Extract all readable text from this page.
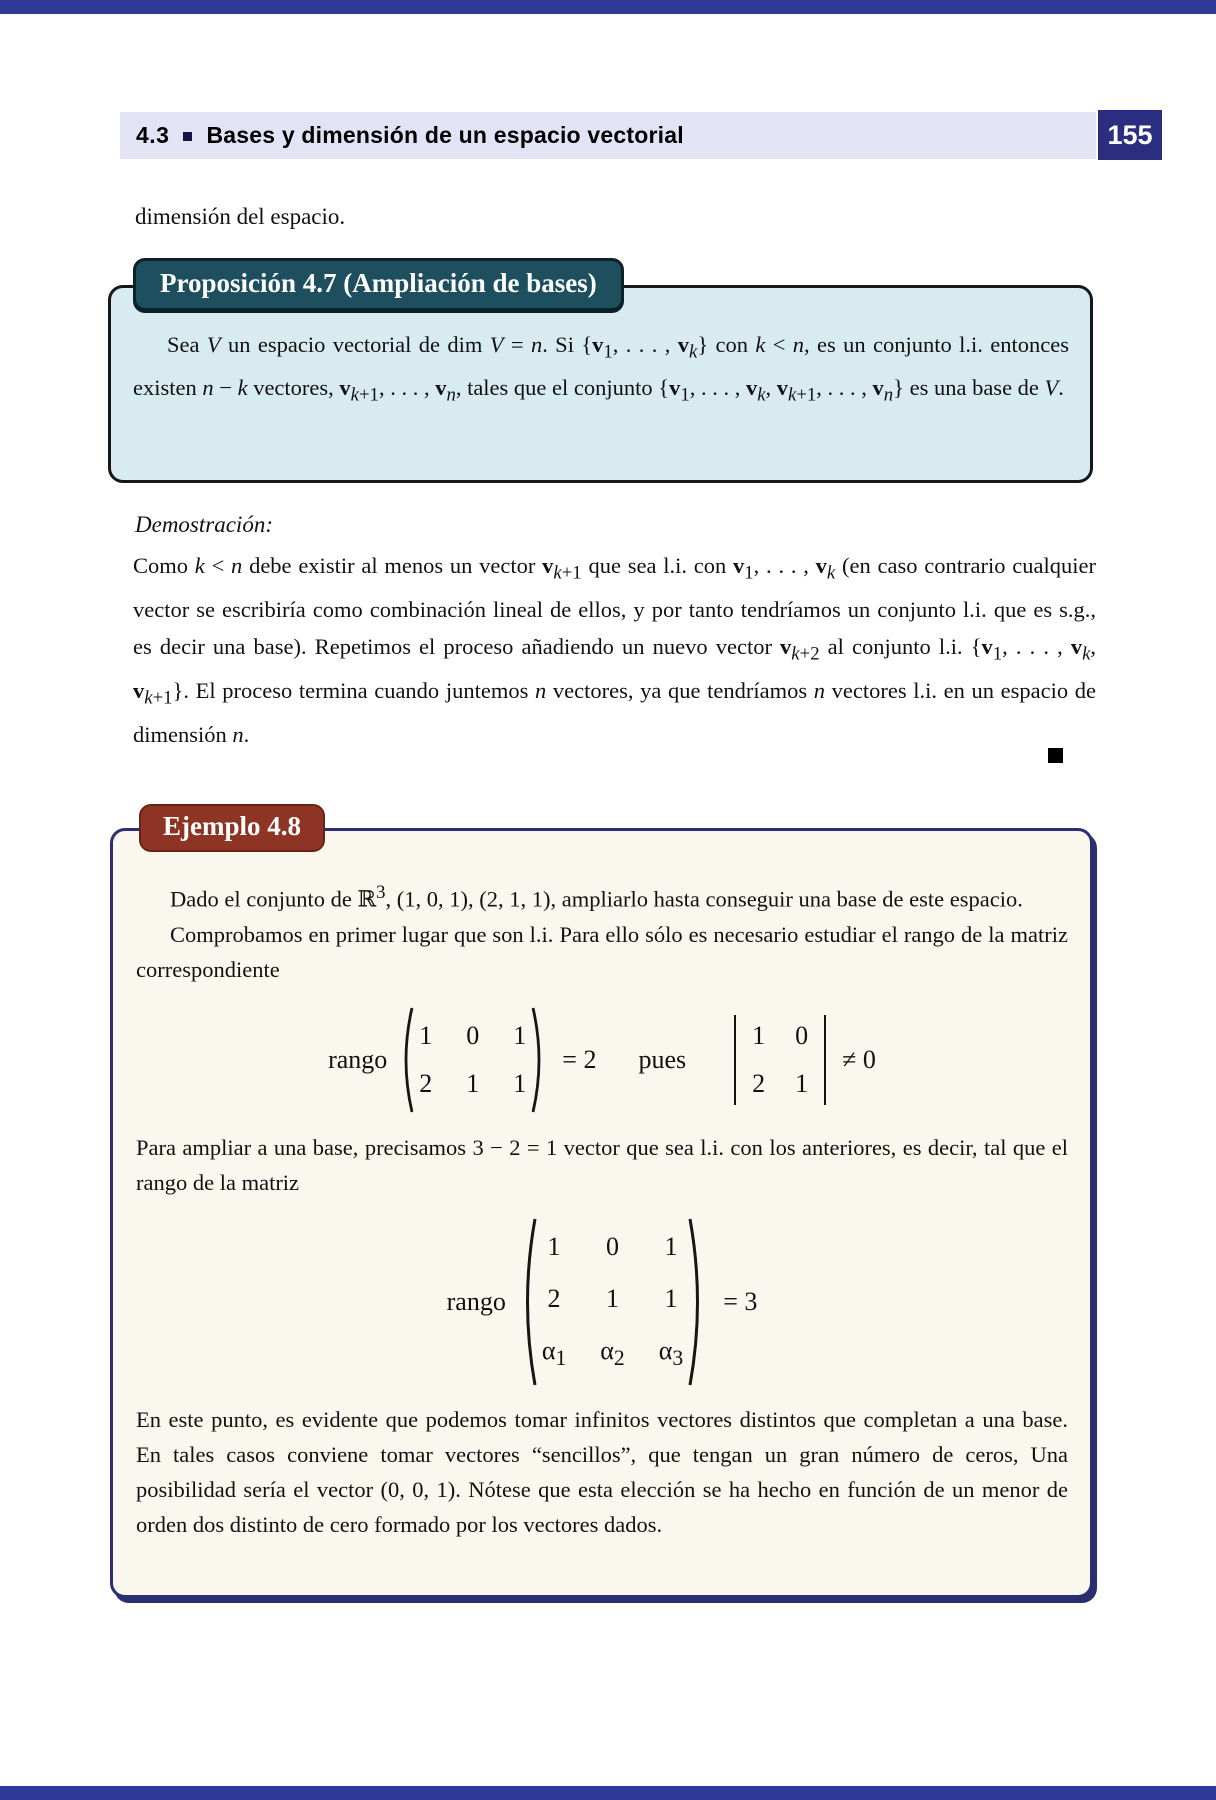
4.3 Bases y dimensión de un espacio vectorial	155
dimensión del espacio.
Proposición 4.7 (Ampliación de bases)
Sea V un espacio vectorial de dim V = n. Si {$v_1$, . . . , $v_k$} con k < n, es un conjunto l.i. entonces existen n − k vectores, $v_{k+1}$, . . . , $v_n$, tales que el conjunto {$v_1$, . . . , $v_k$, $v_{k+1}$, . . . , $v_n$} es una base de V.
Demostración:
Como k < n debe existir al menos un vector $v_{k+1}$ que sea l.i. con $v_1$, . . . , $v_k$ (en caso contrario cualquier vector se escribiría como combinación lineal de ellos, y por tanto tendríamos un conjunto l.i. que es s.g., es decir una base). Repetimos el proceso añadiendo un nuevo vector $v_{k+2}$ al conjunto l.i. {$v_1$, . . . , $v_k$, $v_{k+1}$}. El proceso termina cuando juntemos n vectores, ya que tendríamos n vectores l.i. en un espacio de dimensión n.
Ejemplo 4.8

Dado el conjunto de ℝ$^3$, (1, 0, 1), (2, 1, 1), ampliarlo hasta conseguir una base de este espacio.

Comprobamos en primer lugar que son l.i. Para ello sólo es necesario estudiar el rango de la matriz correspondiente

rango
1 0 1
2 1 1
= 2 pues
1 0
2 1
≠ 0

Para ampliar a una base, precisamos 3 − 2 = 1 vector que sea l.i. con los anteriores, es decir, tal que el rango de la matriz

rango
1 0 1
2 1 1
$\alpha_1$ $\alpha_2$ $\alpha_3$
= 3

En este punto, es evidente que podemos tomar infinitos vectores distintos que completan a una base. En tales casos conviene tomar vectores “sencillos”, que tengan un gran número de ceros, Una posibilidad sería el vector (0, 0, 1). Nótese que esta elección se ha hecho en función de un menor de orden dos distinto de cero formado por los vectores dados.
